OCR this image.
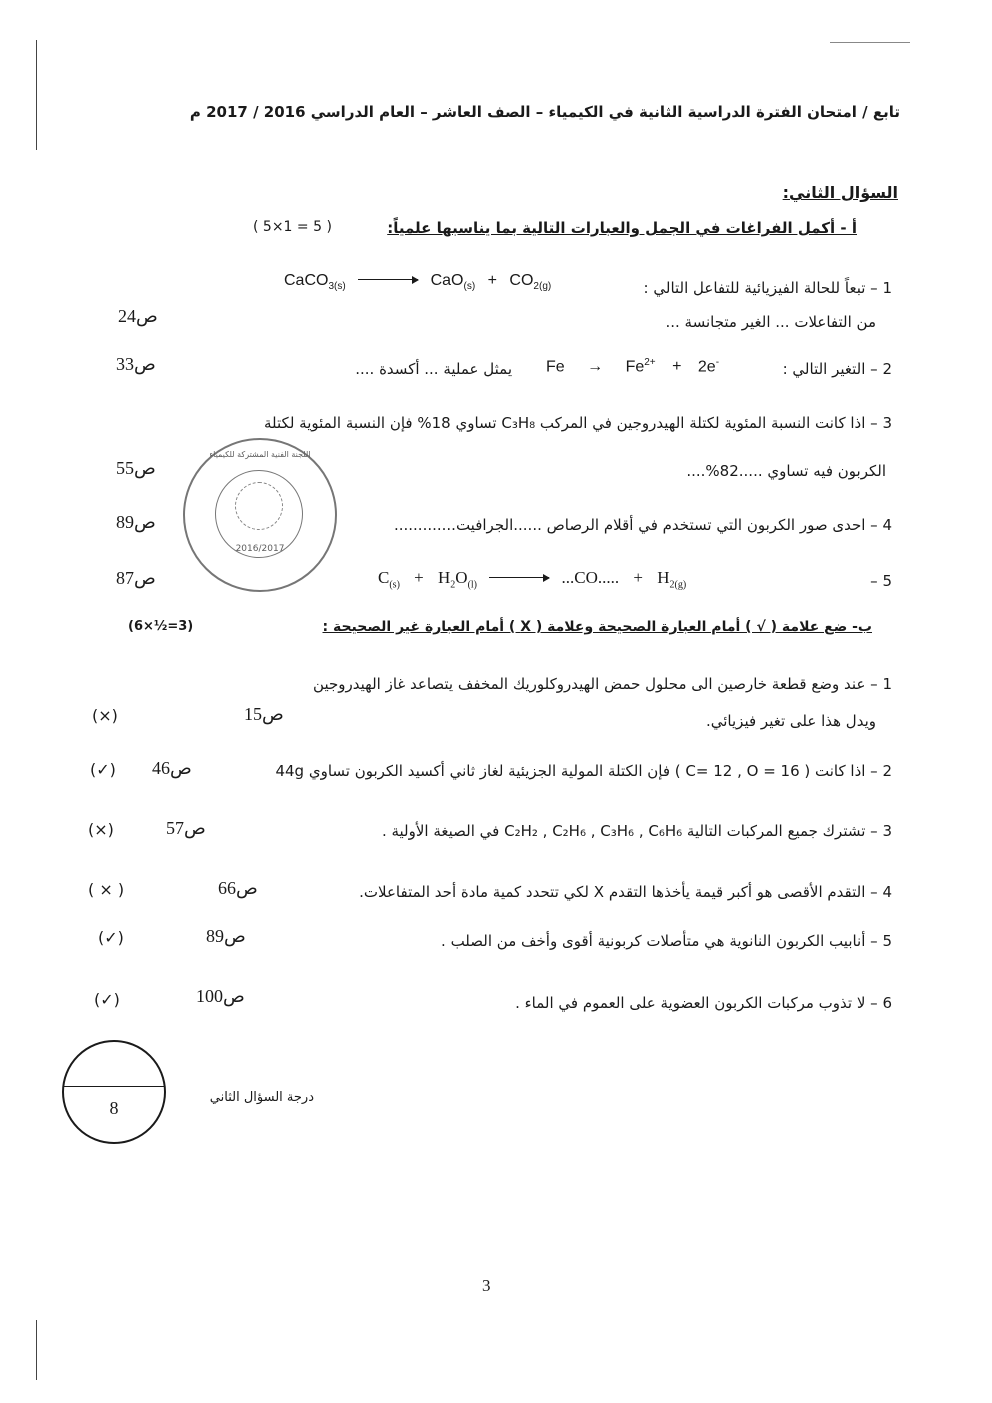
تابع / امتحان الفترة الدراسية الثانية في الكيمياء – الصف العاشر – العام الدراسي 2016 / 2017 م
السؤال الثاني:
أ - أكمل الفراغات في الجمل والعبارات التالية بما يناسبها علمياً:
( 5×1 = 5 )
1 – تبعاً للحالة الفيزيائية للتفاعل التالي :
CaCO$_{3(s)}$	$CaO_{(s)} + CO_{2(g)}$
من التفاعلات ... الغير متجانسة ...
ص24
2 – التغير التالي :
$Fe \to Fe^{2+} + 2e^-$
يمثل عملية ... أكسدة ....
ص33
3 – اذا كانت النسبة المئوية لكتلة الهيدروجين في المركب C₃H₈ تساوي 18% فإن النسبة المئوية لكتلة
الكربون فيه تساوي .....82%....
ص55
4 – احدى صور الكربون التي تستخدم في أقلام الرصاص ......الجرافيت.............
ص89
5 –
$C_{(s)} + H_2O_{(l)}$	...CO..... + $H_{2(g)}$
ص87
اللجنة الفنية المشتركة للكيمياء
2016/2017
ب- ضع علامة ( √ ) أمام العبارة الصحيحة وعلامة ( X ) أمام العبارة غير الصحيحة :
(6×½=3)
1 – عند وضع قطعة خارصين الى محلول حمض الهيدروكلوريك المخفف يتصاعد غاز الهيدروجين
ويدل هذا على تغير فيزيائي.
ص15
(×)
2 – اذا كانت ( C= 12 , O = 16 ) فإن الكتلة المولية الجزيئية لغاز ثاني أكسيد الكربون تساوي 44g
ص46
(✓)
3 – تشترك جميع المركبات التالية C₂H₂ , C₂H₆ , C₃H₆ , C₆H₆ في الصيغة الأولية .
ص57
(×)
4 – التقدم الأقصى هو أكبر قيمة يأخذها التقدم X لكي تتحدد كمية مادة أحد المتفاعلات.
ص66
( × )
5 – أنابيب الكربون النانوية هي متأصلات كربونية أقوى وأخف من الصلب .
ص89
(✓)
6 – لا تذوب مركبات الكربون العضوية على العموم في الماء .
ص100
(✓)
8
درجة السؤال الثاني
3
